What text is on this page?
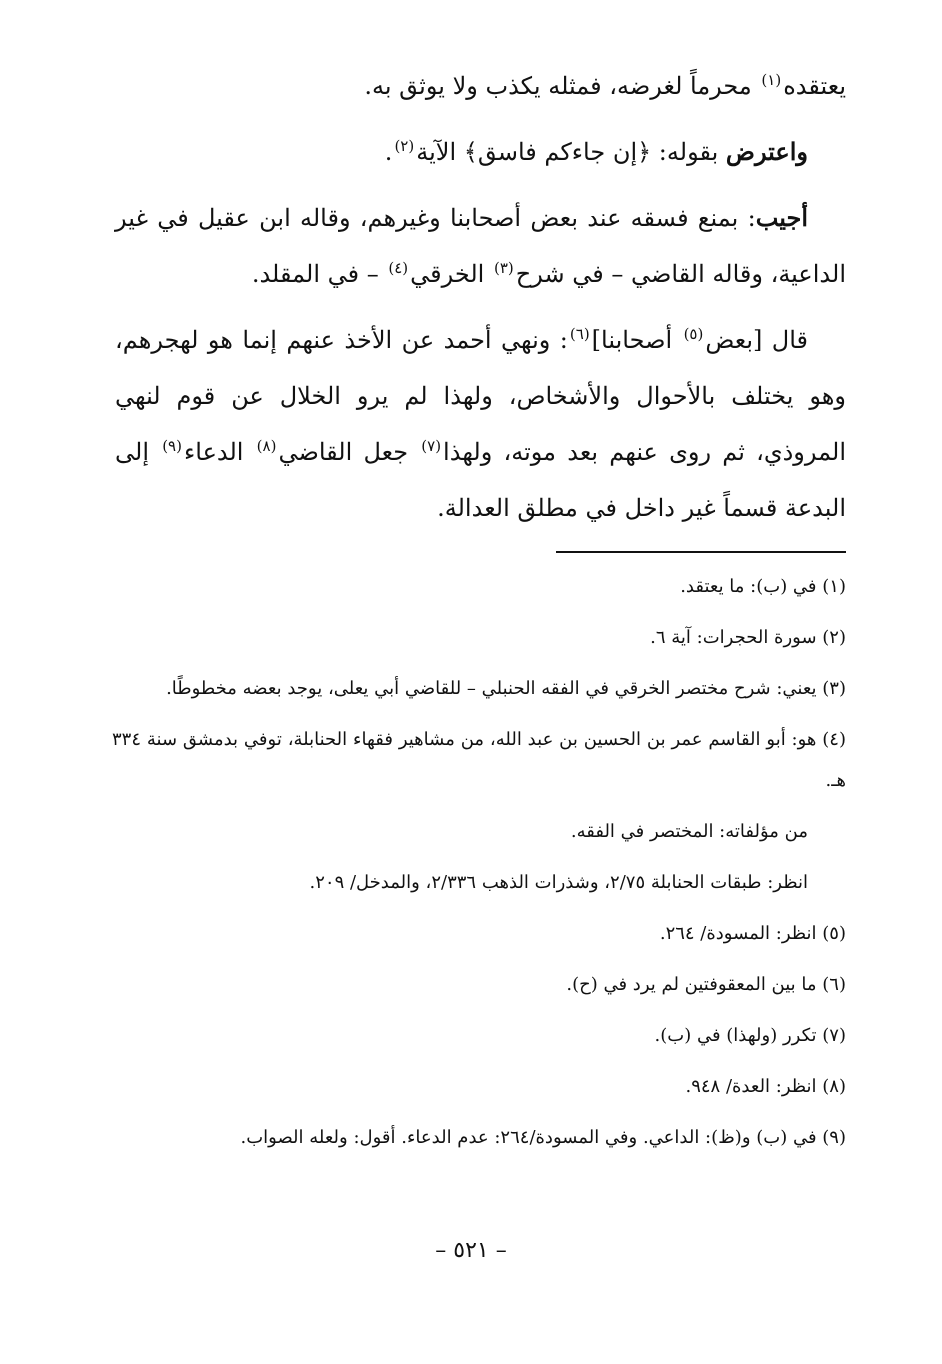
يعتقده$^{(١)}$ محرماً لغرضه، فمثله يكذب ولا يوثق به.

واعترض بقوله: ﴿إن جاءكم فاسق﴾ الآية$^{(٢)}$.

أجيب: بمنع فسقه عند بعض أصحابنا وغيرهم، وقاله ابن عقيل في غير الداعية، وقاله القاضي – في شرح$^{(٣)}$ الخرقي$^{(٤)}$ – في المقلد.

قال [بعض$^{(٥)}$ أصحابنا]$^{(٦)}$: ونهي أحمد عن الأخذ عنهم إنما هو لهجرهم، وهو يختلف بالأحوال والأشخاص، ولهذا لم يرو الخلال عن قوم لنهي المروذي، ثم روى عنهم بعد موته، ولهذا$^{(٧)}$ جعل القاضي$^{(٨)}$ الدعاء$^{(٩)}$ إلى البدعة قسماً غير داخل في مطلق العدالة.

(١) في (ب): ما يعتقد.

(٢) سورة الحجرات: آية ٦.

(٣) يعني: شرح مختصر الخرقي في الفقه الحنبلي – للقاضي أبي يعلى، يوجد بعضه مخطوطًا.

(٤) هو: أبو القاسم عمر بن الحسين بن عبد الله، من مشاهير فقهاء الحنابلة، توفي بدمشق سنة ٣٣٤ هـ.

من مؤلفاته: المختصر في الفقه.

انظر: طبقات الحنابلة ٢/٧٥، وشذرات الذهب ٢/٣٣٦، والمدخل/ ٢٠٩.

(٥) انظر: المسودة/ ٢٦٤.

(٦) ما بين المعقوفتين لم يرد في (ح).

(٧) تكرر (ولهذا) في (ب).

(٨) انظر: العدة/ ٩٤٨.

(٩) في (ب) و(ظ): الداعي. وفي المسودة/٢٦٤: عدم الدعاء. أقول: ولعله الصواب.

– ٥٢١ –
